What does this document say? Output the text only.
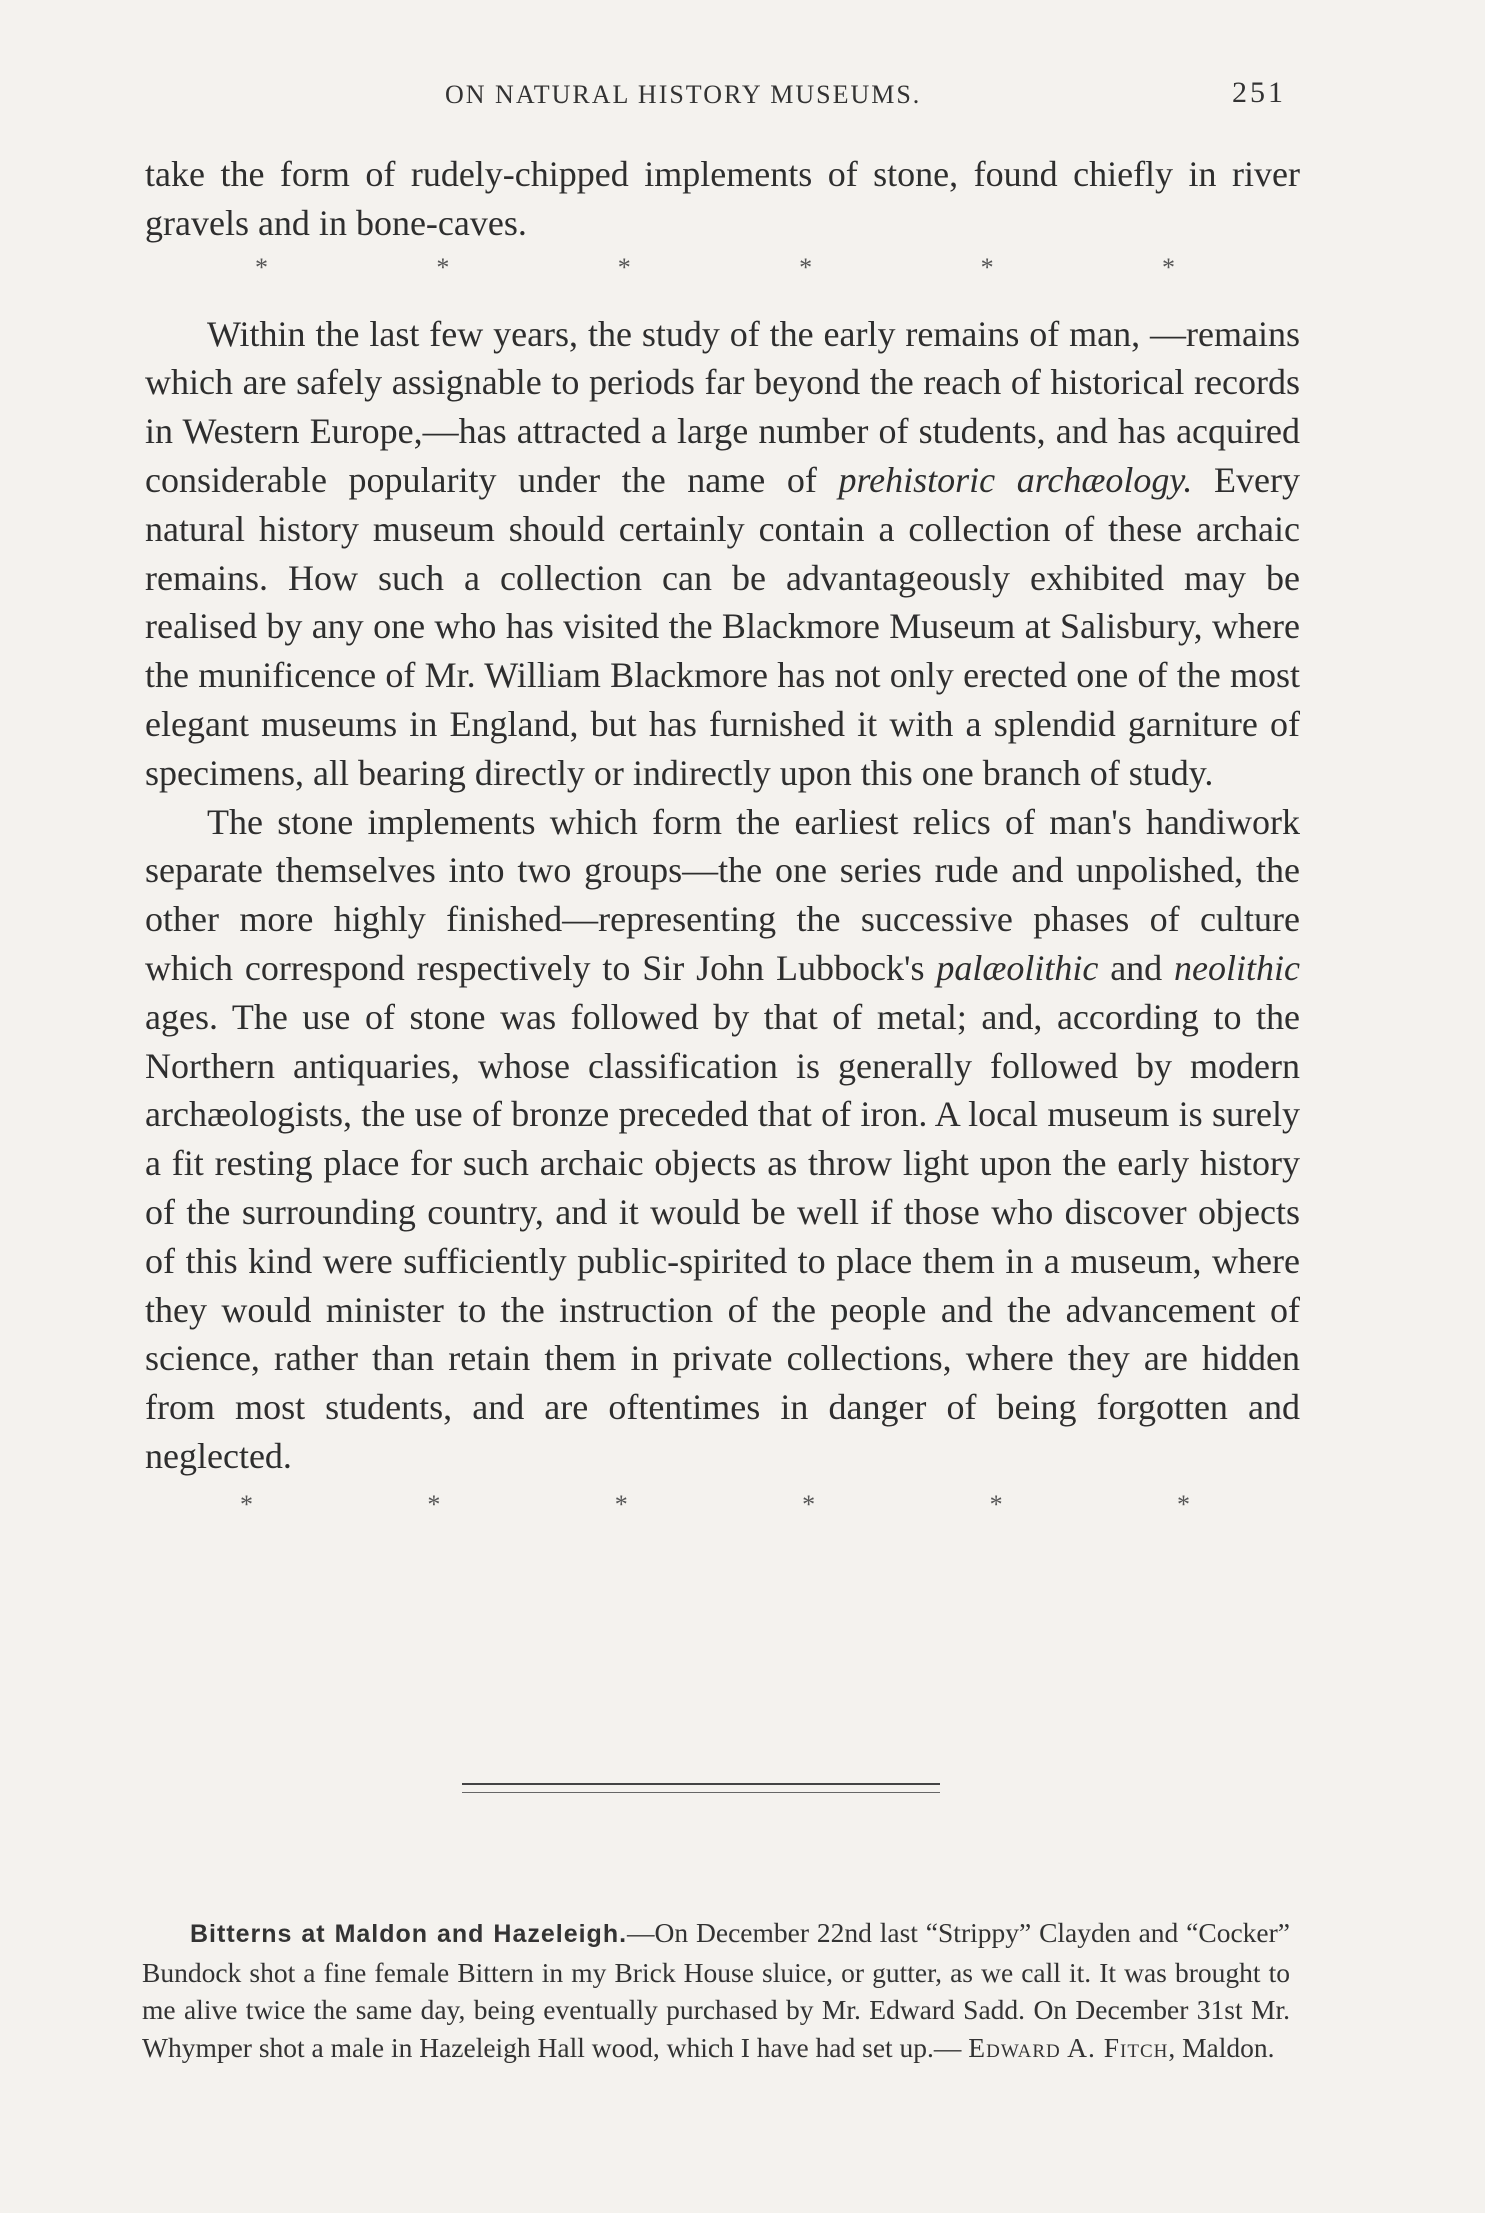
ON NATURAL HISTORY MUSEUMS.	251

take the form of rudely-chipped implements of stone, found chiefly in river gravels and in bone-caves.

*	*	*	*	*	*

Within the last few years, the study of the early remains of man, —remains which are safely assignable to periods far beyond the reach of historical records in Western Europe,—has attracted a large number of students, and has acquired considerable popularity under the name of prehistoric archæology. Every natural history museum should certainly contain a collection of these archaic remains. How such a collection can be advantageously exhibited may be realised by any one who has visited the Blackmore Museum at Salisbury, where the munificence of Mr. William Blackmore has not only erected one of the most elegant museums in England, but has furnished it with a splendid garniture of specimens, all bearing directly or indirectly upon this one branch of study.

The stone implements which form the earliest relics of man's handiwork separate themselves into two groups—the one series rude and unpolished, the other more highly finished—representing the successive phases of culture which correspond respectively to Sir John Lubbock's palæolithic and neolithic ages. The use of stone was followed by that of metal; and, according to the Northern antiquaries, whose classification is generally followed by modern archæologists, the use of bronze preceded that of iron. A local museum is surely a fit resting place for such archaic objects as throw light upon the early history of the surrounding country, and it would be well if those who discover objects of this kind were sufficiently public-spirited to place them in a museum, where they would minister to the instruction of the people and the advancement of science, rather than retain them in private collections, where they are hidden from most students, and are oftentimes in danger of being forgotten and neglected.

*	*	*	*	*	*
Bitterns at Maldon and Hazeleigh.—On December 22nd last “Strippy” Clayden and “Cocker” Bundock shot a fine female Bittern in my Brick House sluice, or gutter, as we call it. It was brought to me alive twice the same day, being eventually purchased by Mr. Edward Sadd. On December 31st Mr. Whymper shot a male in Hazeleigh Hall wood, which I have had set up.— Edward A. Fitch, Maldon.
